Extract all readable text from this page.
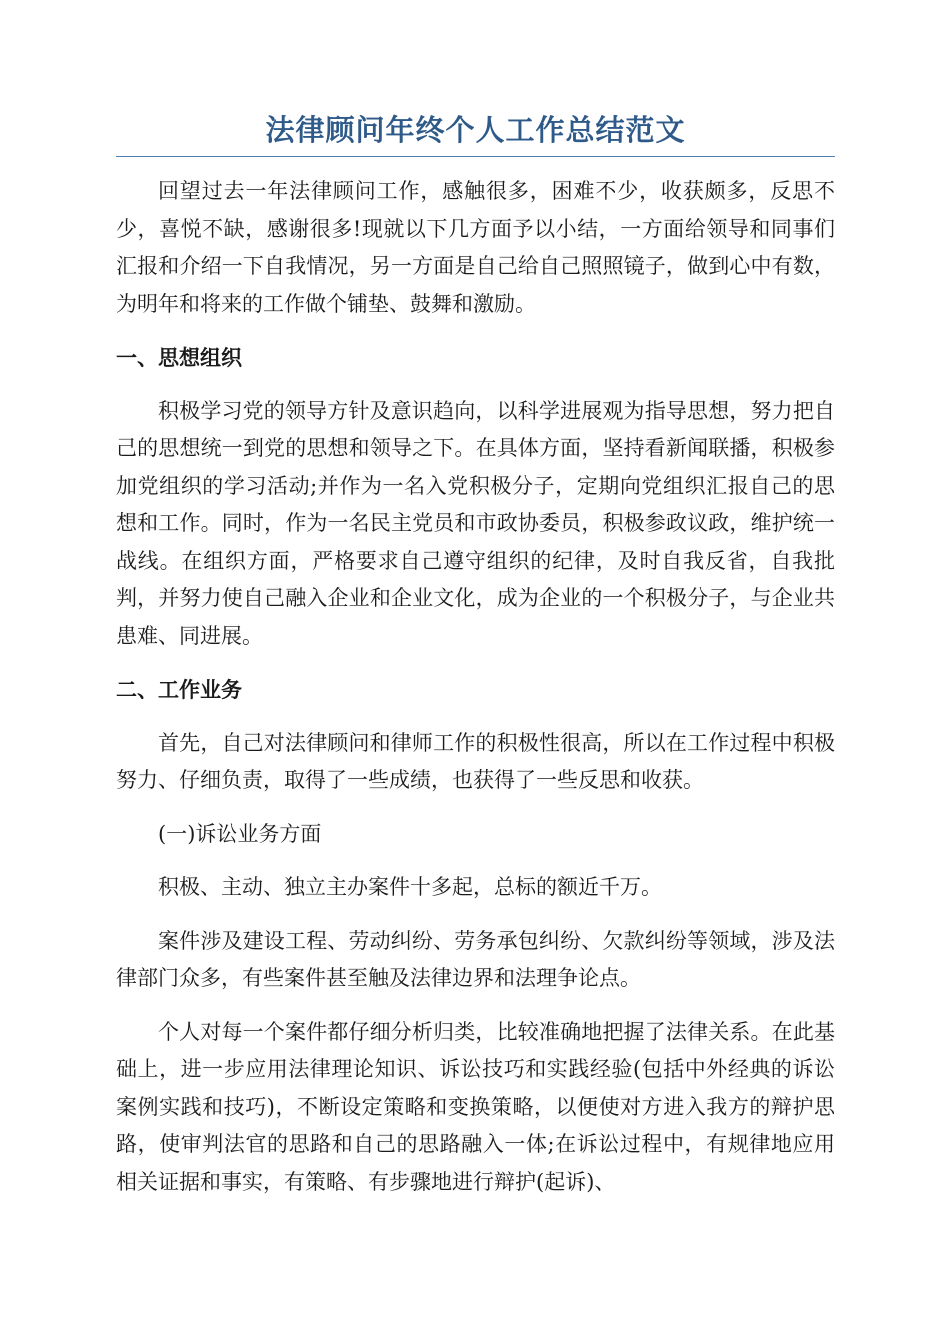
法律顾问年终个人工作总结范文

回望过去一年法律顾问工作，感触很多，困难不少，收获颇多，反思不少，喜悦不缺，感谢很多!现就以下几方面予以小结，一方面给领导和同事们汇报和介绍一下自我情况，另一方面是自己给自己照照镜子，做到心中有数，为明年和将来的工作做个铺垫、鼓舞和激励。

一、思想组织

积极学习党的领导方针及意识趋向，以科学进展观为指导思想，努力把自己的思想统一到党的思想和领导之下。在具体方面，坚持看新闻联播，积极参加党组织的学习活动;并作为一名入党积极分子，定期向党组织汇报自己的思想和工作。同时，作为一名民主党员和市政协委员，积极参政议政，维护统一战线。在组织方面，严格要求自己遵守组织的纪律，及时自我反省，自我批判，并努力使自己融入企业和企业文化，成为企业的一个积极分子，与企业共患难、同进展。

二、工作业务

首先，自己对法律顾问和律师工作的积极性很高，所以在工作过程中积极努力、仔细负责，取得了一些成绩，也获得了一些反思和收获。

(一)诉讼业务方面

积极、主动、独立主办案件十多起，总标的额近千万。

案件涉及建设工程、劳动纠纷、劳务承包纠纷、欠款纠纷等领域，涉及法律部门众多，有些案件甚至触及法律边界和法理争论点。

个人对每一个案件都仔细分析归类，比较准确地把握了法律关系。在此基础上，进一步应用法律理论知识、诉讼技巧和实践经验(包括中外经典的诉讼案例实践和技巧)，不断设定策略和变换策略，以便使对方进入我方的辩护思路，使审判法官的思路和自己的思路融入一体;在诉讼过程中，有规律地应用相关证据和事实，有策略、有步骤地进行辩护(起诉)、
